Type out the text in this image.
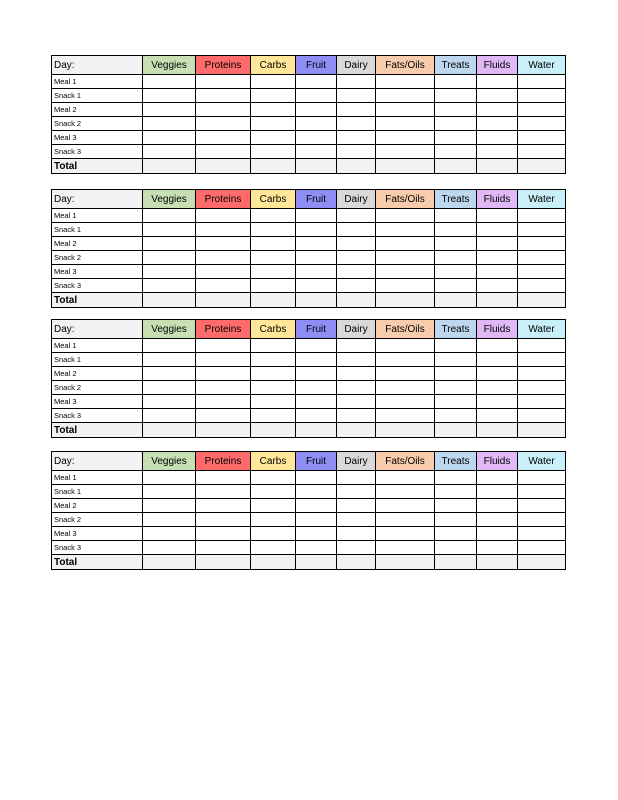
Day:	Veggies	Proteins	Carbs	Fruit	Dairy	Fats/Oils	Treats	Fluids	Water
Meal 1									
Snack 1									
Meal 2									
Snack 2									
Meal 3									
Snack 3									
Total									
Day:	Veggies	Proteins	Carbs	Fruit	Dairy	Fats/Oils	Treats	Fluids	Water
Meal 1									
Snack 1									
Meal 2									
Snack 2									
Meal 3									
Snack 3									
Total									
Day:	Veggies	Proteins	Carbs	Fruit	Dairy	Fats/Oils	Treats	Fluids	Water
Meal 1									
Snack 1									
Meal 2									
Snack 2									
Meal 3									
Snack 3									
Total									
Day:	Veggies	Proteins	Carbs	Fruit	Dairy	Fats/Oils	Treats	Fluids	Water
Meal 1									
Snack 1									
Meal 2									
Snack 2									
Meal 3									
Snack 3									
Total									
